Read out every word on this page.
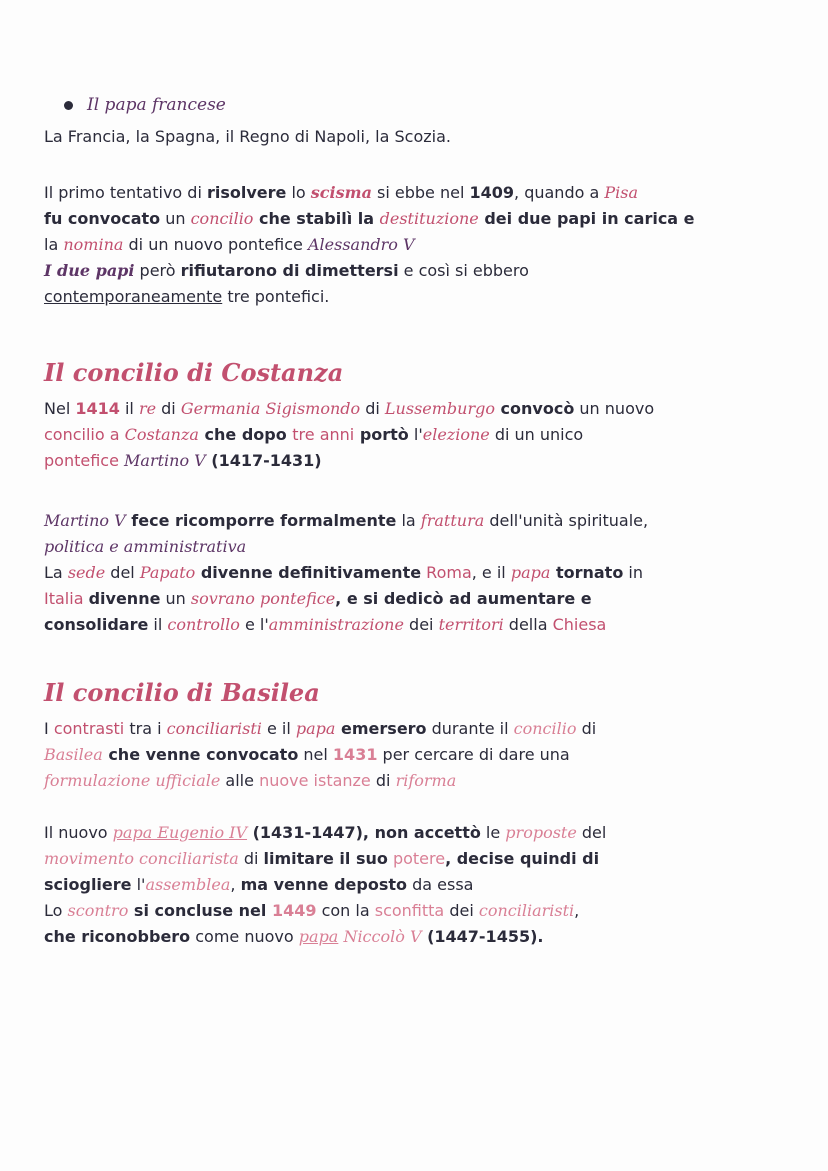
Il papa francese
La Francia, la Spagna, il Regno di Napoli, la Scozia.
Il primo tentativo di risolvere lo scisma si ebbe nel 1409, quando a Pisa
fu convocato un concilio che stabilì la destituzione dei due papi in carica e
la nomina di un nuovo pontefice Alessandro V
I due papi però rifiutarono di dimettersi e così si ebbero
contemporaneamente tre pontefici.
Il concilio di Costanza
Nel 1414 il re di Germania Sigismondo di Lussemburgo convocò un nuovo
concilio a Costanza che dopo tre anni portò l'elezione di un unico
pontefice Martino V (1417-1431)
Martino V fece ricomporre formalmente la frattura dell'unità spirituale,
politica e amministrativa
La sede del Papato divenne definitivamente Roma, e il papa tornato in
Italia divenne un sovrano pontefice, e si dedicò ad aumentare e
consolidare il controllo e l'amministrazione dei territori della Chiesa
Il concilio di Basilea
I contrasti tra i conciliaristi e il papa emersero durante il concilio di
Basilea che venne convocato nel 1431 per cercare di dare una
formulazione ufficiale alle nuove istanze di riforma
Il nuovo papa Eugenio IV (1431-1447), non accettò le proposte del
movimento conciliarista di limitare il suo potere, decise quindi di
sciogliere l'assemblea, ma venne deposto da essa
Lo scontro si concluse nel 1449 con la sconfitta dei conciliaristi,
che riconobbero come nuovo papa Niccolò V (1447-1455).
